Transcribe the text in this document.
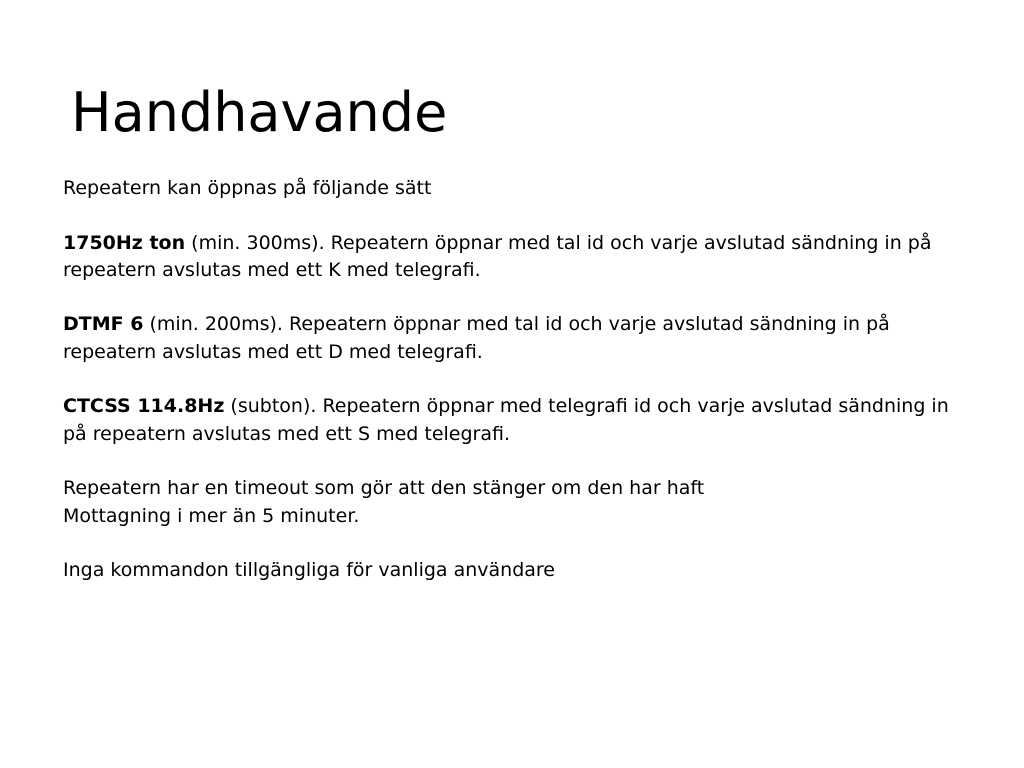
Handhavande

Repeatern kan öppnas på följande sätt

1750Hz ton (min. 300ms). Repeatern öppnar med tal id och varje avslutad sändning in på repeatern avslutas med ett K med telegrafi.

DTMF 6 (min. 200ms). Repeatern öppnar med tal id och varje avslutad sändning in på repeatern avslutas med ett D med telegrafi.

CTCSS 114.8Hz (subton). Repeatern öppnar med telegrafi id och varje avslutad sändning in på repeatern avslutas med ett S med telegrafi.

Repeatern har en timeout som gör att den stänger om den har haft
Mottagning i mer än 5 minuter.

Inga kommandon tillgängliga för vanliga användare
